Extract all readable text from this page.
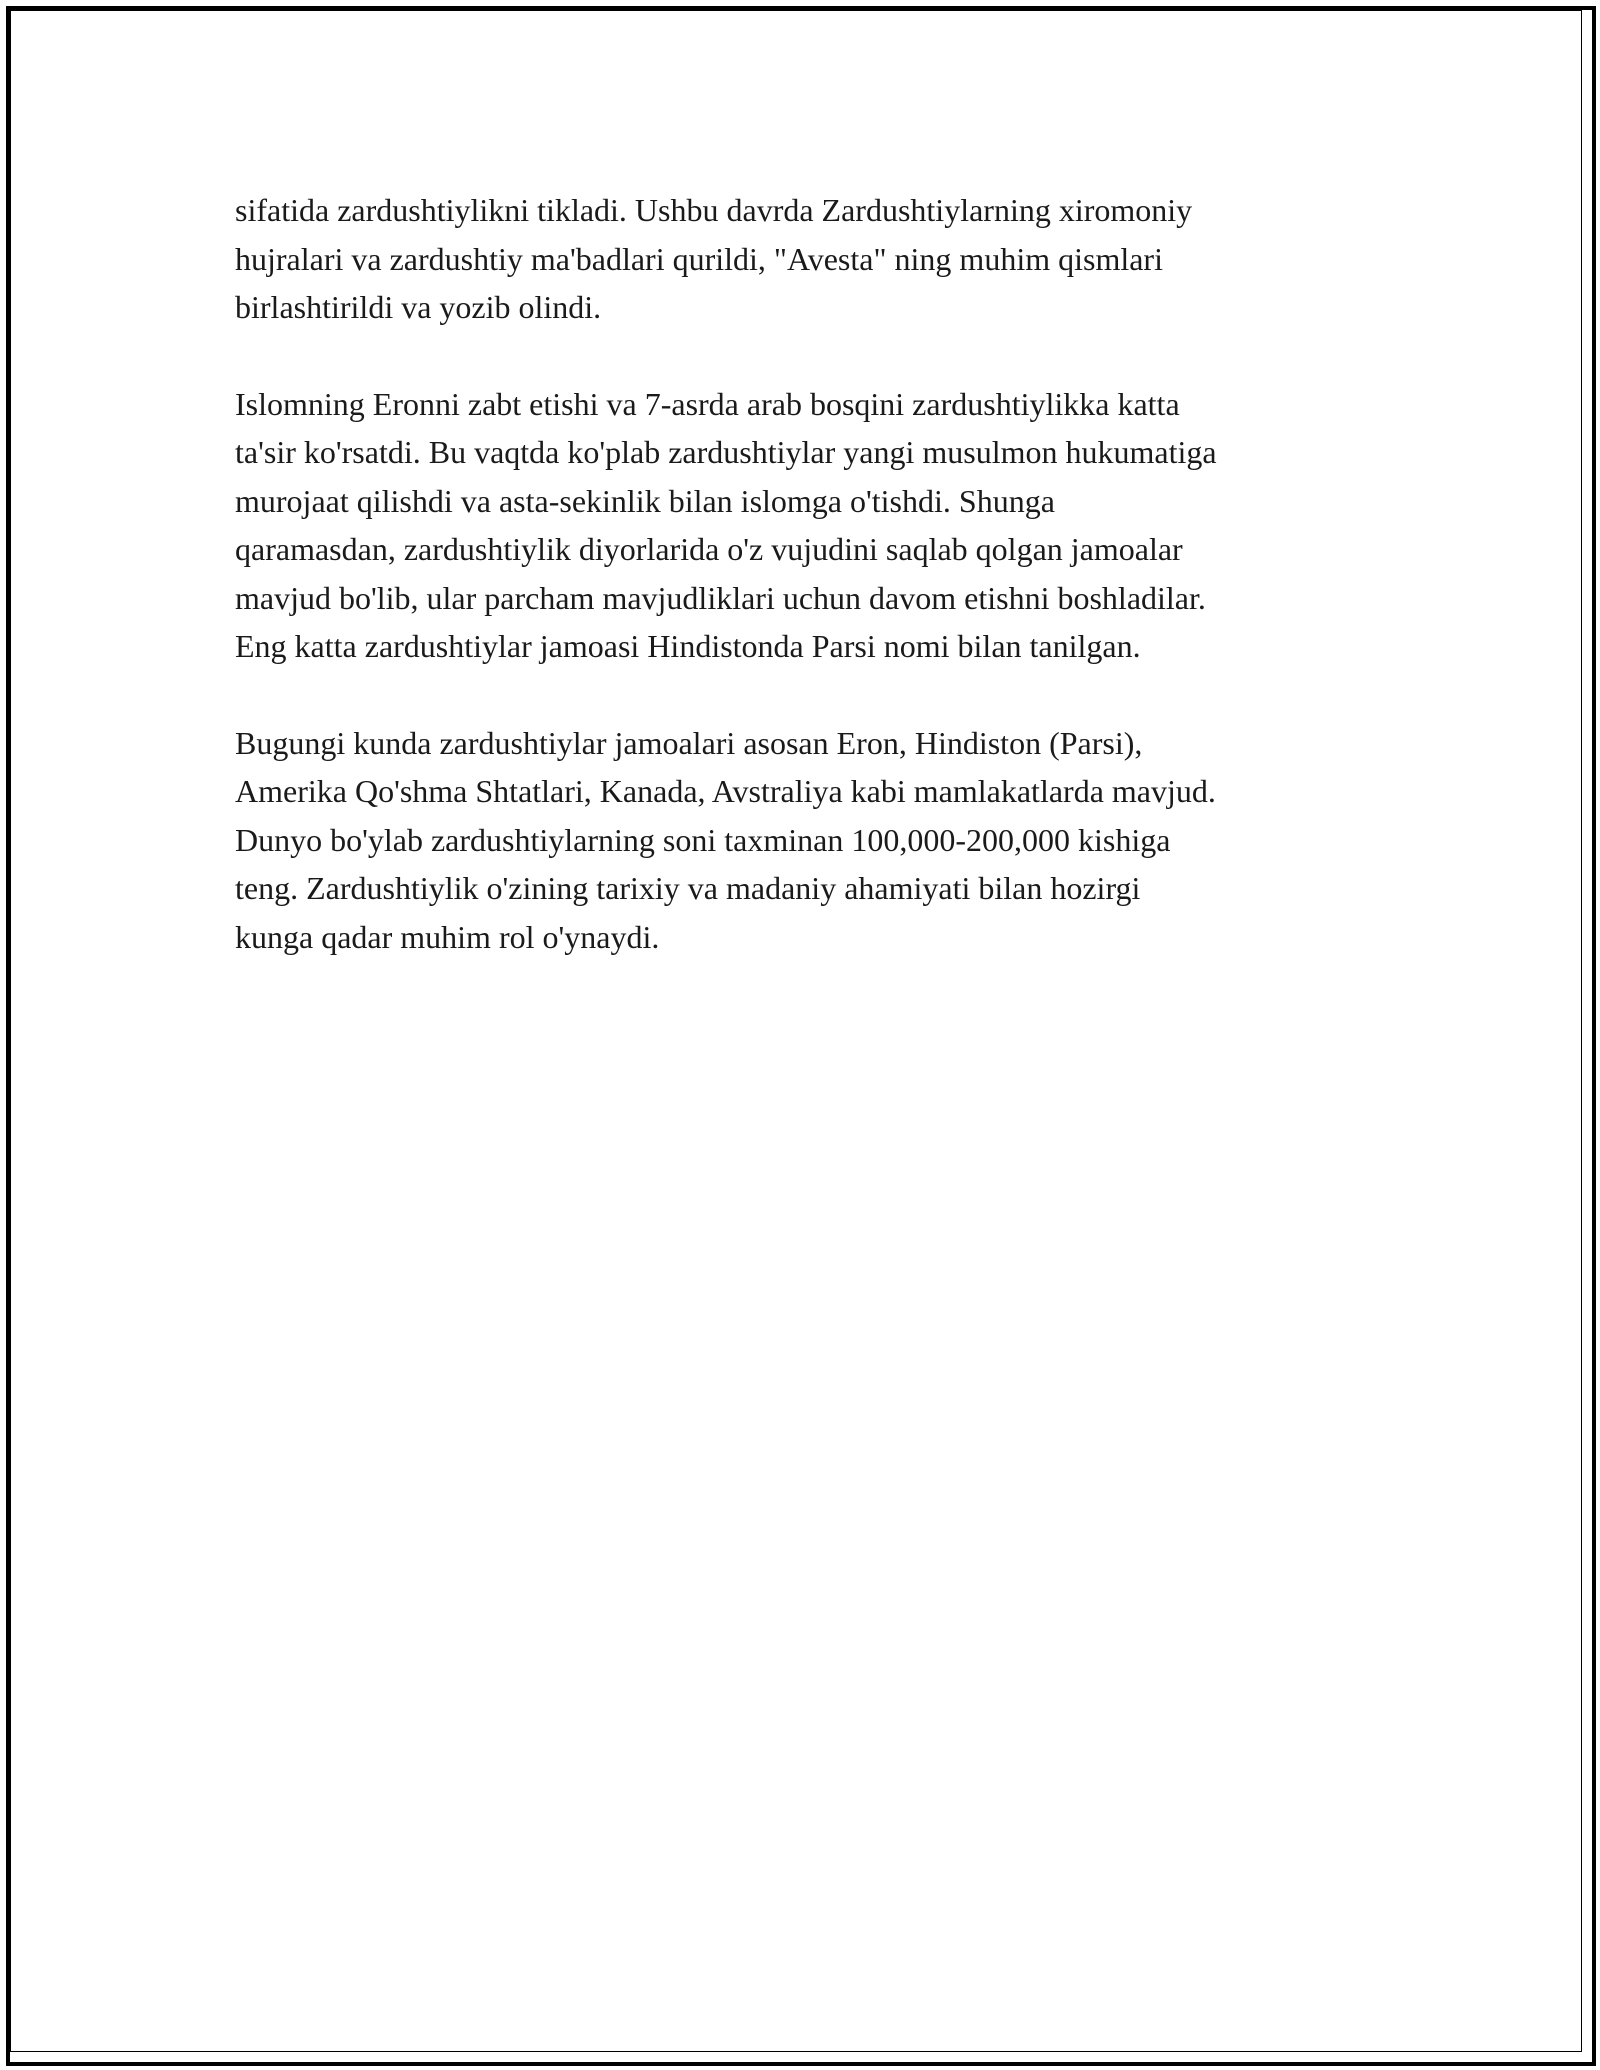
sifatida zardushtiylikni tikladi. Ushbu davrda Zardushtiylarning xiromoniy
hujralari va zardushtiy ma'badlari qurildi, "Avesta" ning muhim qismlari
birlashtirildi va yozib olindi.

Islomning Eronni zabt etishi va 7-asrda arab bosqini zardushtiylikka katta
ta'sir ko'rsatdi. Bu vaqtda ko'plab zardushtiylar yangi musulmon hukumatiga
murojaat qilishdi va asta-sekinlik bilan islomga o'tishdi. Shunga
qaramasdan, zardushtiylik diyorlarida o'z vujudini saqlab qolgan jamoalar
mavjud bo'lib, ular parcham mavjudliklari uchun davom etishni boshladilar.
Eng katta zardushtiylar jamoasi Hindistonda Parsi nomi bilan tanilgan.

Bugungi kunda zardushtiylar jamoalari asosan Eron, Hindiston (Parsi),
Amerika Qo'shma Shtatlari, Kanada, Avstraliya kabi mamlakatlarda mavjud.
Dunyo bo'ylab zardushtiylarning soni taxminan 100,000-200,000 kishiga
teng. Zardushtiylik o'zining tarixiy va madaniy ahamiyati bilan hozirgi
kunga qadar muhim rol o'ynaydi.
